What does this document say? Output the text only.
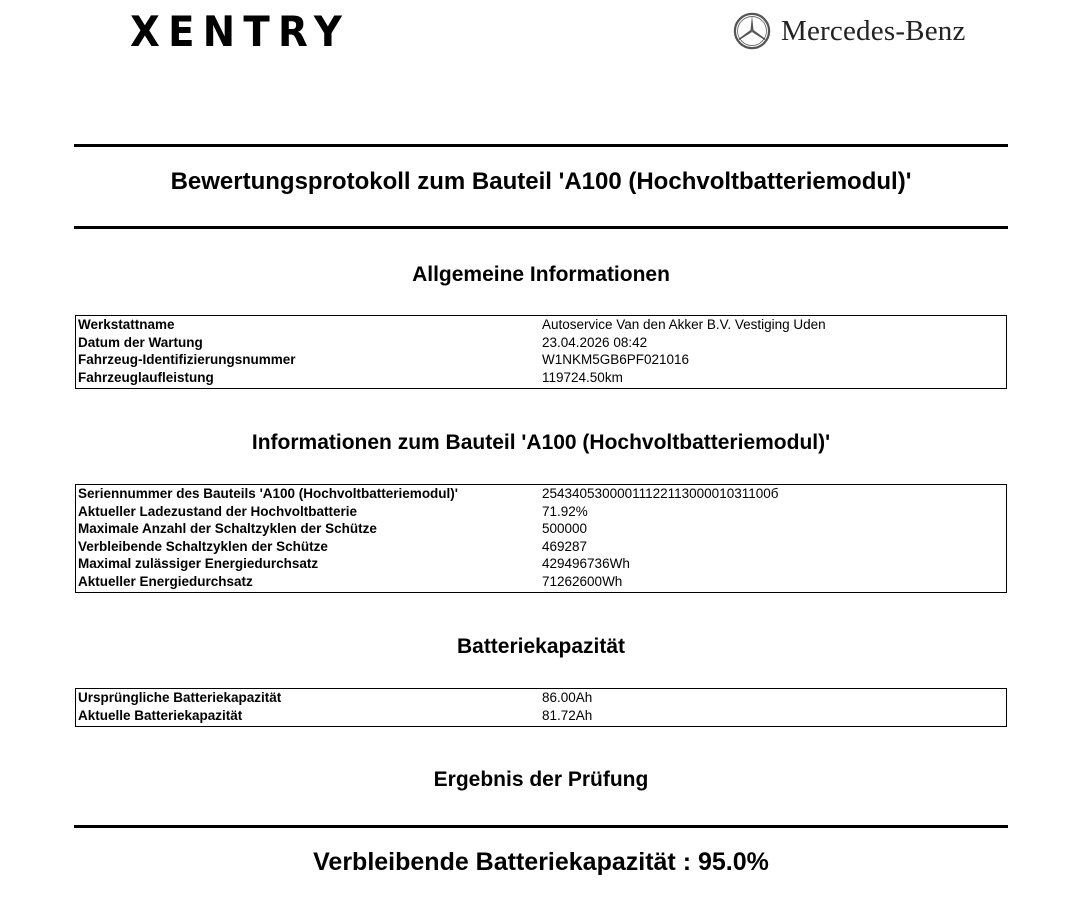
XENTRY	Mercedes-Benz
Bewertungsprotokoll zum Bauteil 'A100 (Hochvoltbatteriemodul)'
Allgemeine Informationen
Werkstattname	Autoservice Van den Akker B.V. Vestiging Uden
Datum der Wartung	23.04.2026 08:42
Fahrzeug-Identifizierungsnummer	W1NKM5GB6PF021016
Fahrzeuglaufleistung	119724.50km
Informationen zum Bauteil 'A100 (Hochvoltbatteriemodul)'
Seriennummer des Bauteils 'A100 (Hochvoltbatteriemodul)'	2543405300001112211300001031100б
Aktueller Ladezustand der Hochvoltbatterie	71.92%
Maximale Anzahl der Schaltzyklen der Schütze	500000
Verbleibende Schaltzyklen der Schütze	469287
Maximal zulässiger Energiedurchsatz	429496736Wh
Aktueller Energiedurchsatz	71262600Wh
Batteriekapazität
Ursprüngliche Batteriekapazität	86.00Ah
Aktuelle Batteriekapazität	81.72Ah
Ergebnis der Prüfung
Verbleibende Batteriekapazität : 95.0%
